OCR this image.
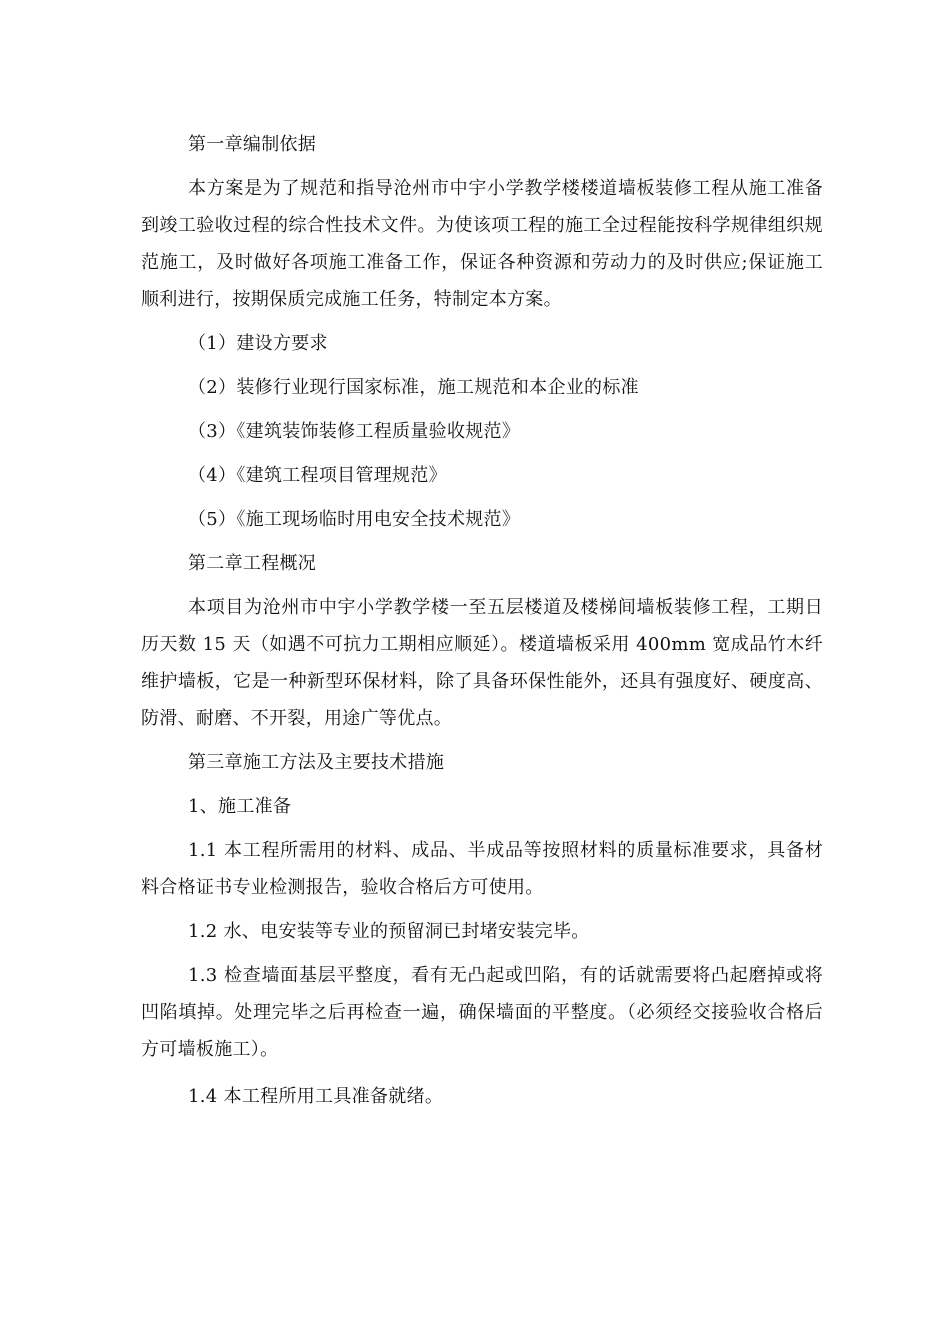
第一章编制依据

本方案是为了规范和指导沧州市中宇小学教学楼楼道墙板装修工程从施工准备到竣工验收过程的综合性技术文件。为使该项工程的施工全过程能按科学规律组织规范施工，及时做好各项施工准备工作，保证各种资源和劳动力的及时供应;保证施工顺利进行，按期保质完成施工任务，特制定本方案。

（1）建设方要求

（2）装修行业现行国家标准，施工规范和本企业的标准

（3）《建筑装饰装修工程质量验收规范》

（4）《建筑工程项目管理规范》

（5）《施工现场临时用电安全技术规范》

第二章工程概况

本项目为沧州市中宇小学教学楼一至五层楼道及楼梯间墙板装修工程，工期日历天数 15 天（如遇不可抗力工期相应顺延）。楼道墙板采用 400mm 宽成品竹木纤维护墙板，它是一种新型环保材料，除了具备环保性能外，还具有强度好、硬度高、防滑、耐磨、不开裂，用途广等优点。

第三章施工方法及主要技术措施

1、施工准备

1.1 本工程所需用的材料、成品、半成品等按照材料的质量标准要求，具备材料合格证书专业检测报告，验收合格后方可使用。

1.2 水、电安装等专业的预留洞已封堵安装完毕。

1.3 检查墙面基层平整度，看有无凸起或凹陷，有的话就需要将凸起磨掉或将凹陷填掉。处理完毕之后再检查一遍，确保墙面的平整度。（必须经交接验收合格后方可墙板施工）。

1.4 本工程所用工具准备就绪。
